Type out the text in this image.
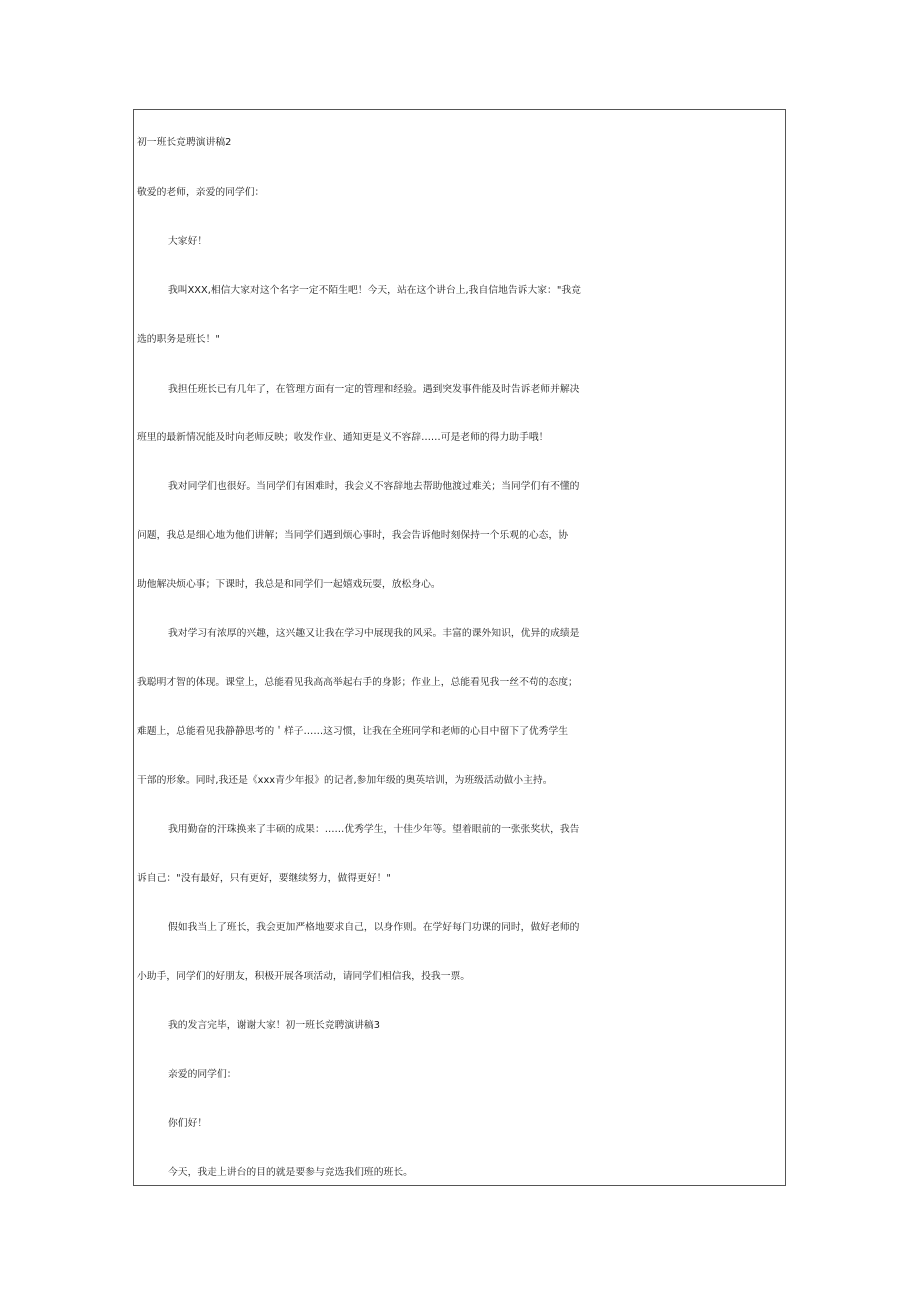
初一班长竞聘演讲稿2
敬爱的老师，亲爱的同学们：
大家好！
我叫XXX,相信大家对这个名字一定不陌生吧！今天，站在这个讲台上,我自信地告诉大家："我竞
选的职务是班长！"
我担任班长已有几年了，在管理方面有一定的管理和经验。遇到突发事件能及时告诉老师并解决
班里的最新情况能及时向老师反映；收发作业、通知更是义不容辞……可是老师的得力助手哦！
我对同学们也很好。当同学们有困难时，我会义不容辞地去帮助他渡过难关；当同学们有不懂的
问题，我总是细心地为他们讲解；当同学们遇到烦心事时，我会告诉他时刻保持一个乐观的心态，协
助他解决烦心事；下课时，我总是和同学们一起嬉戏玩耍，放松身心。
我对学习有浓厚的兴趣，这兴趣又让我在学习中展现我的风采。丰富的课外知识，优异的成绩是
我聪明才智的体现。课堂上，总能看见我高高举起右手的身影；作业上，总能看见我一丝不苟的态度；
难题上，总能看见我静静思考的＇样子……这习惯，让我在全班同学和老师的心目中留下了优秀学生
干部的形象。同时,我还是《xxx青少年报》的记者,参加年级的奥英培训，为班级活动做小主持。
我用勤奋的汗珠换来了丰硕的成果：……优秀学生，十佳少年等。望着眼前的一张张奖状，我告
诉自己："没有最好，只有更好，要继续努力，做得更好！"
假如我当上了班长，我会更加严格地要求自己，以身作则。在学好每门功课的同时，做好老师的
小助手，同学们的好朋友，积极开展各项活动，请同学们相信我，投我一票。
我的发言完毕，谢谢大家！初一班长竞聘演讲稿3
亲爱的同学们：
你们好！
今天，我走上讲台的目的就是要参与竞选我们班的班长。
